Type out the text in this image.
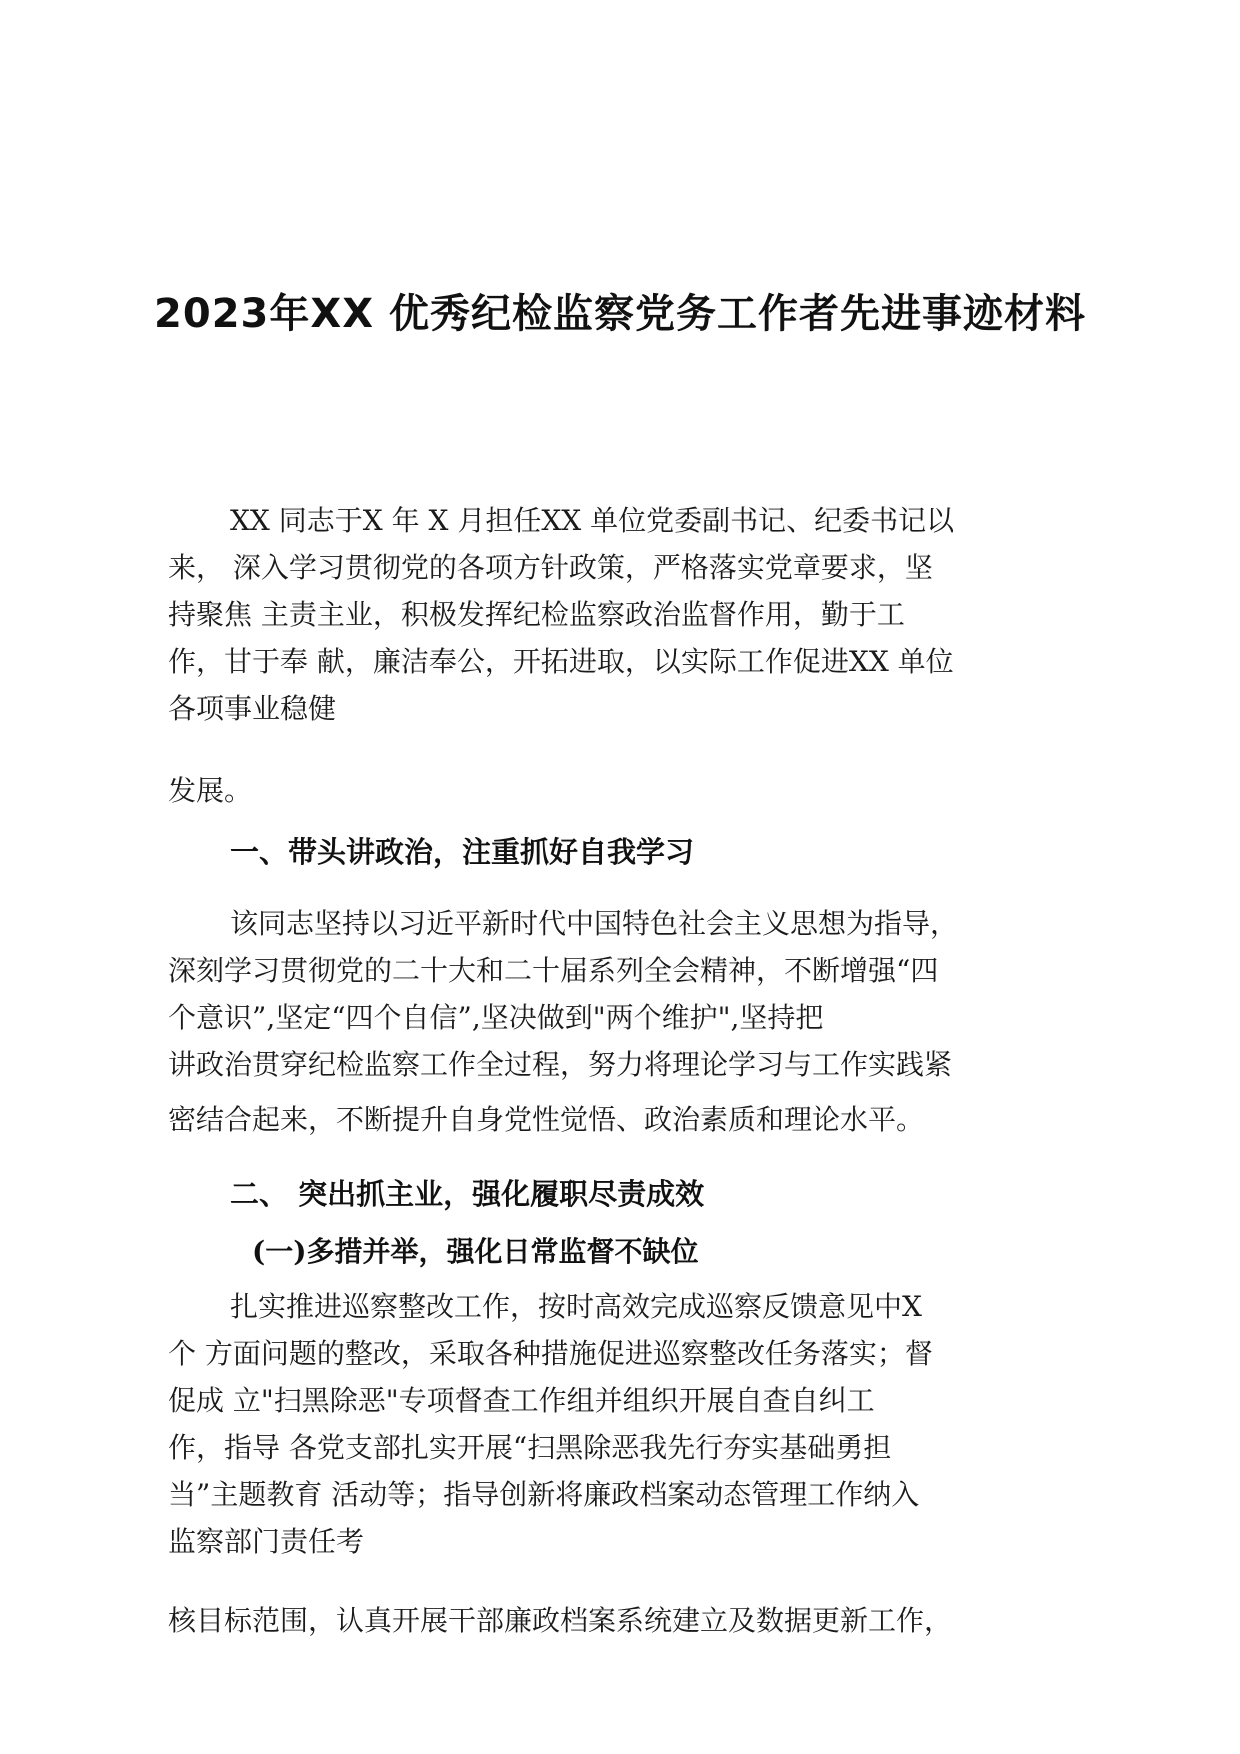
2023年XX 优秀纪检监察党务工作者先进事迹材料
XX 同志于X 年 X 月担任XX 单位党委副书记、纪委书记以
来， 深入学习贯彻党的各项方针政策，严格落实党章要求，坚
持聚焦 主责主业，积极发挥纪检监察政治监督作用，勤于工
作，甘于奉 献，廉洁奉公，开拓进取，以实际工作促进XX 单位
各项事业稳健
发展。
一、带头讲政治，注重抓好自我学习
该同志坚持以习近平新时代中国特色社会主义思想为指导，
深刻学习贯彻党的二十大和二十届系列全会精神，不断增强“四
个意识”,坚定“四个自信”,坚决做到"两个维护",坚持把
讲政治贯穿纪检监察工作全过程，努力将理论学习与工作实践紧
密结合起来，不断提升自身党性觉悟、政治素质和理论水平。
二、 突出抓主业，强化履职尽责成效
(一)多措并举，强化日常监督不缺位
扎实推进巡察整改工作，按时高效完成巡察反馈意见中X
个 方面问题的整改，采取各种措施促进巡察整改任务落实；督
促成 立"扫黑除恶"专项督查工作组并组织开展自查自纠工
作，指导 各党支部扎实开展“扫黑除恶我先行夯实基础勇担
当”主题教育 活动等；指导创新将廉政档案动态管理工作纳入
监察部门责任考
核目标范围，认真开展干部廉政档案系统建立及数据更新工作，
